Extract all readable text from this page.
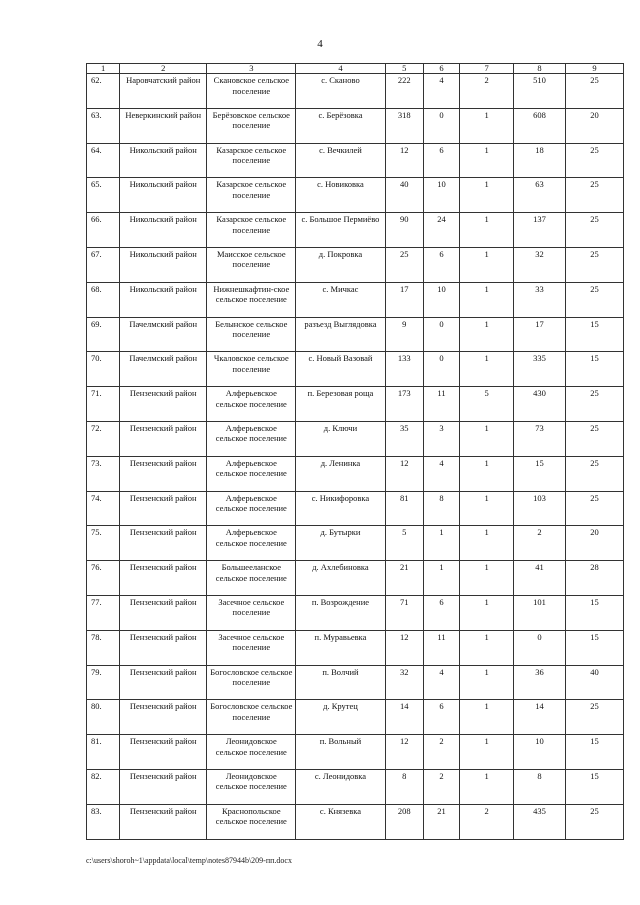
4
1	2	3	4	5	6	7	8	9
62.	Наровчатский район	Скановское сельское поселение	с. Сканово	222	4	2	510	25
63.	Неверкинский район	Берёзовское сельское поселение	с. Берёзовка	318	0	1	608	20
64.	Никольский район	Казарское сельское поселение	с. Вечкилей	12	6	1	18	25
65.	Никольский район	Казарское сельское поселение	с. Новиковка	40	10	1	63	25
66.	Никольский район	Казарское сельское поселение	с. Большое Пермиёво	90	24	1	137	25
67.	Никольский район	Маисское сельское поселение	д. Покровка	25	6	1	32	25
68.	Никольский район	Нижнешкафтин-ское сельское поселение	с. Мичкас	17	10	1	33	25
69.	Пачелмский район	Белынское сельское поселение	разъезд Выглядовка	9	0	1	17	15
70.	Пачелмский район	Чкаловское сельское поселение	с. Новый Вазовай	133	0	1	335	15
71.	Пензенский район	Алферьевское сельское поселение	п. Березовая роща	173	11	5	430	25
72.	Пензенский район	Алферьевское сельское поселение	д. Ключи	35	3	1	73	25
73.	Пензенский район	Алферьевское сельское поселение	д. Ленинка	12	4	1	15	25
74.	Пензенский район	Алферьевское сельское поселение	с. Никифоровка	81	8	1	103	25
75.	Пензенский район	Алферьевское сельское поселение	д. Бутырки	5	1	1	2	20
76.	Пензенский район	Большееланское сельское поселение	д. Ахлебиновка	21	1	1	41	28
77.	Пензенский район	Засечное сельское поселение	п. Возрождение	71	6	1	101	15
78.	Пензенский район	Засечное сельское поселение	п. Муравьевка	12	11	1	0	15
79.	Пензенский район	Богословское сельское поселение	п. Волчий	32	4	1	36	40
80.	Пензенский район	Богословское сельское поселение	д. Крутец	14	6	1	14	25
81.	Пензенский район	Леонидовское сельское поселение	п. Вольный	12	2	1	10	15
82.	Пензенский район	Леонидовское сельское поселение	с. Леонидовка	8	2	1	8	15
83.	Пензенский район	Краснопольское сельское поселение	с. Князевка	208	21	2	435	25
c:\users\shoroh~1\appdata\local\temp\notes87944b\209-пп.docx
